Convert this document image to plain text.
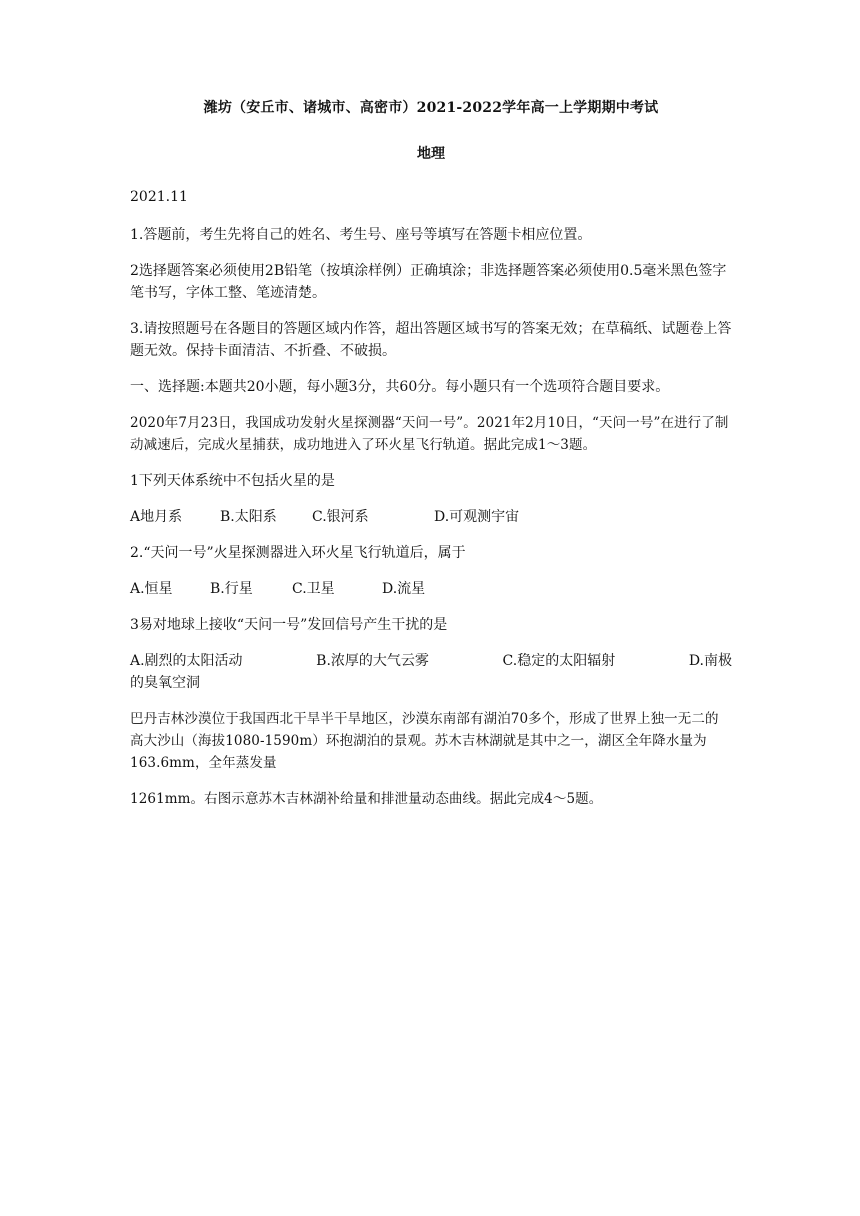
潍坊（安丘市、诸城市、高密市）2021-2022学年高一上学期期中考试

地理

2021.11

1.答题前，考生先将自己的姓名、考生号、座号等填写在答题卡相应位置。

2选择题答案必须使用2B铅笔（按填涂样例）正确填涂；非选择题答案必须使用0.5毫米黑色签字笔书写，字体工整、笔迹清楚。

3.请按照题号在各题目的答题区域内作答，超出答题区域书写的答案无效；在草稿纸、试题卷上答题无效。保持卡面清洁、不折叠、不破损。

一、选择题:本题共20小题，每小题3分，共60分。每小题只有一个选项符合题目要求。

2020年7月23日，我国成功发射火星探测器“天问一号”。2021年2月10日，“天问一号”在进行了制动减速后，完成火星捕获，成功地进入了环火星飞行轨道。据此完成1～3题。

1下列天体系统中不包括火星的是

A地月系	B.太阳系	C.银河系	D.可观测宇宙

2.“天问一号”火星探测器进入环火星飞行轨道后，属于

A.恒星	B.行星	C.卫星	D.流星

3易对地球上接收“天问一号”发回信号产生干扰的是

A.剧烈的太阳活动	B.浓厚的大气云雾	C.稳定的太阳辐射	D.南极
的臭氧空洞

巴丹吉林沙漠位于我国西北干旱半干旱地区，沙漠东南部有湖泊70多个，形成了世界上独一无二的高大沙山（海拔1080-1590m）环抱湖泊的景观。苏木吉林湖就是其中之一，湖区全年降水量为163.6mm，全年蒸发量

1261mm。右图示意苏木吉林湖补给量和排泄量动态曲线。据此完成4～5题。
